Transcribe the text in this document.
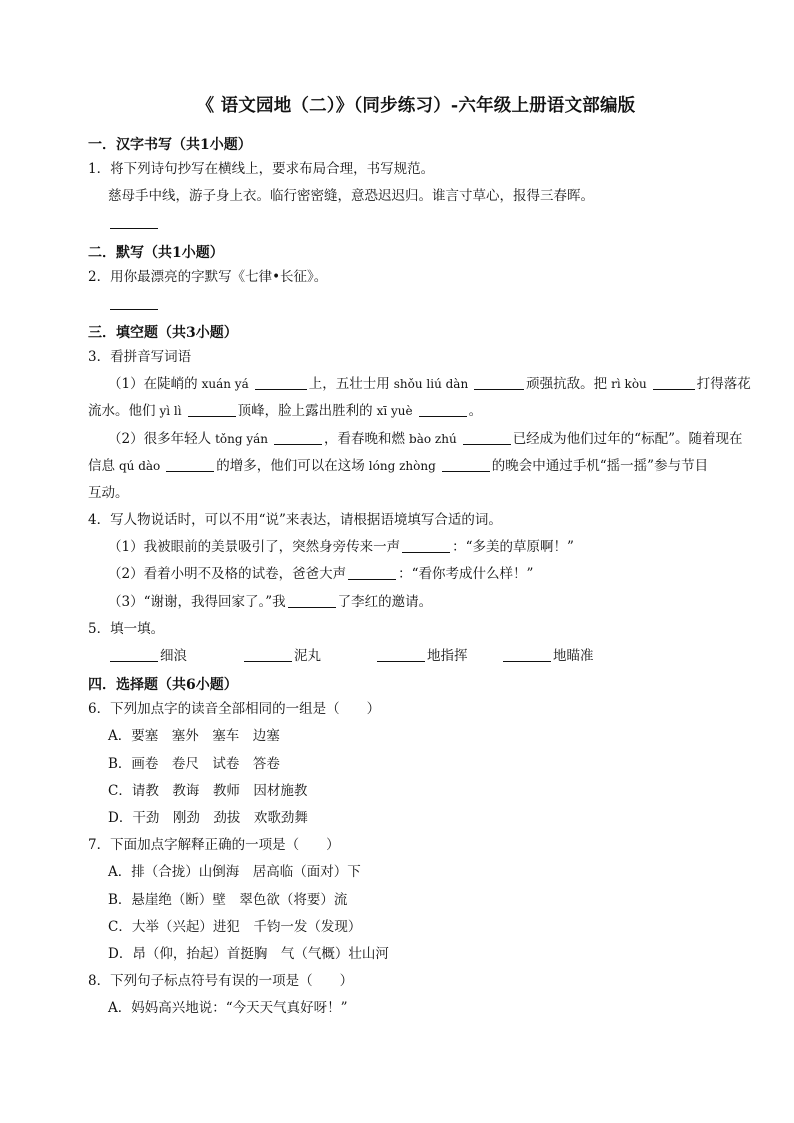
《 语文园地（二）》（同步练习）-六年级上册语文部编版
一．汉字书写（共1小题）
1．将下列诗句抄写在横线上，要求布局合理，书写规范。
慈母手中线，游子身上衣。临行密密缝，意恐迟迟归。谁言寸草心，报得三春晖。
二．默写（共1小题）
2．用你最漂亮的字默写《七律•长征》。
三．填空题（共3小题）
3．看拼音写词语
（1）在陡峭的 xuán yá	上，五壮士用 shǒu liú dàn	顽强抗敌。把 rì kòu	打得落花
流水。他们 yì lì	顶峰，脸上露出胜利的 xī yuè	。
（2）很多年轻人 tǒng yán	，看春晚和燃 bào zhú	已经成为他们过年的“标配”。随着现在
信息 qú dào	的增多，他们可以在这场 lóng zhòng	的晚会中通过手机“摇一摇”参与节目
互动。
4．写人物说话时，可以不用“说”来表达，请根据语境填写合适的词。
（1）我被眼前的美景吸引了，突然身旁传来一声	：“多美的草原啊！”
（2）看着小明不及格的试卷，爸爸大声	：“看你考成什么样！”
（3）“谢谢，我得回家了。”我	了李红的邀请。
5．填一填。
细浪	泥丸	地指挥	地瞄准
四．选择题（共6小题）
6．下列加点字的读音全部相同的一组是（　　）
A．要塞　塞外　塞车　边塞
B．画卷　卷尺　试卷　答卷
C．请教　教诲　教师　因材施教
D．干劲　刚劲　劲拔　欢歌劲舞
7．下面加点字解释正确的一项是（　　）
A．排（合拢）山倒海　居高临（面对）下
B．悬崖绝（断）壁　翠色欲（将要）流
C．大举（兴起）进犯　千钧一发（发现）
D．昂（仰，抬起）首挺胸　气（气概）壮山河
8．下列句子标点符号有误的一项是（　　）
A．妈妈高兴地说：“今天天气真好呀！”
